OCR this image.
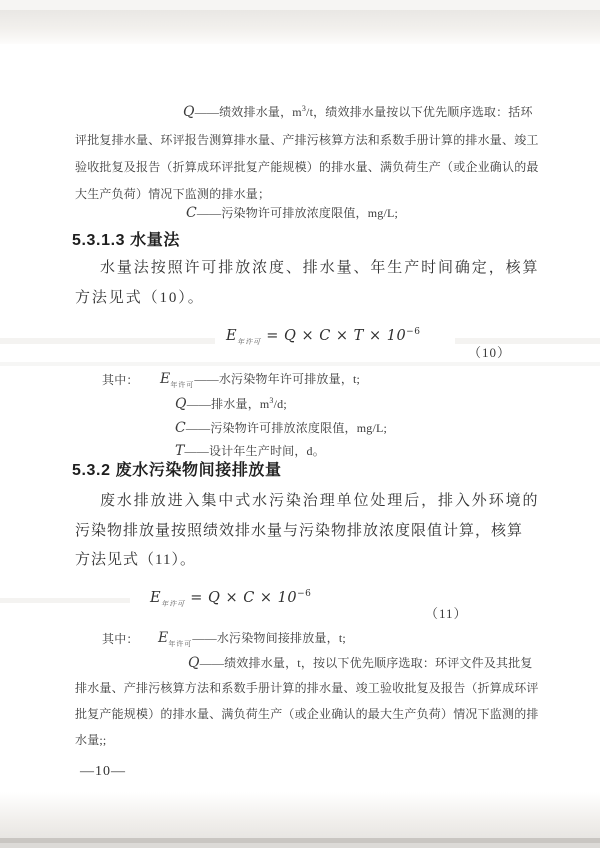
Q——绩效排水量，$m^3/t$，绩效排水量按以下优先顺序选取：括环
评批复排水量、环评报告测算排水量、产排污核算方法和系数手册计算的排水量、竣工
验收批复及报告（折算成环评批复产能规模）的排水量、满负荷生产（或企业确认的最
大生产负荷）情况下监测的排水量；
C——污染物许可排放浓度限值，mg/L;
5.3.1.3 水量法
水量法按照许可排放浓度、排水量、年生产时间确定，核算
方法见式（10）。
$E_{年许可} = Q \times C \times T \times 10^{-6}$
（10）
其中： $E_{年许可}——$水污染物年许可排放量，t;
Q——排水量，$m^3/d$;
C——污染物许可排放浓度限值，mg/L;
T——设计年生产时间，d。
5.3.2 废水污染物间接排放量
废水排放进入集中式水污染治理单位处理后，排入外环境的
污染物排放量按照绩效排水量与污染物排放浓度限值计算，核算
方法见式（11）。
$E_{年许可} = Q \times C \times 10^{-6}$
（11）
其中： $E_{年许可}——$水污染物间接排放量，t;
Q——绩效排水量，t，按以下优先顺序选取：环评文件及其批复
排水量、产排污核算方法和系数手册计算的排水量、竣工验收批复及报告（折算成环评
批复产能规模）的排水量、满负荷生产（或企业确认的最大生产负荷）情况下监测的排
水量;;
—10—
